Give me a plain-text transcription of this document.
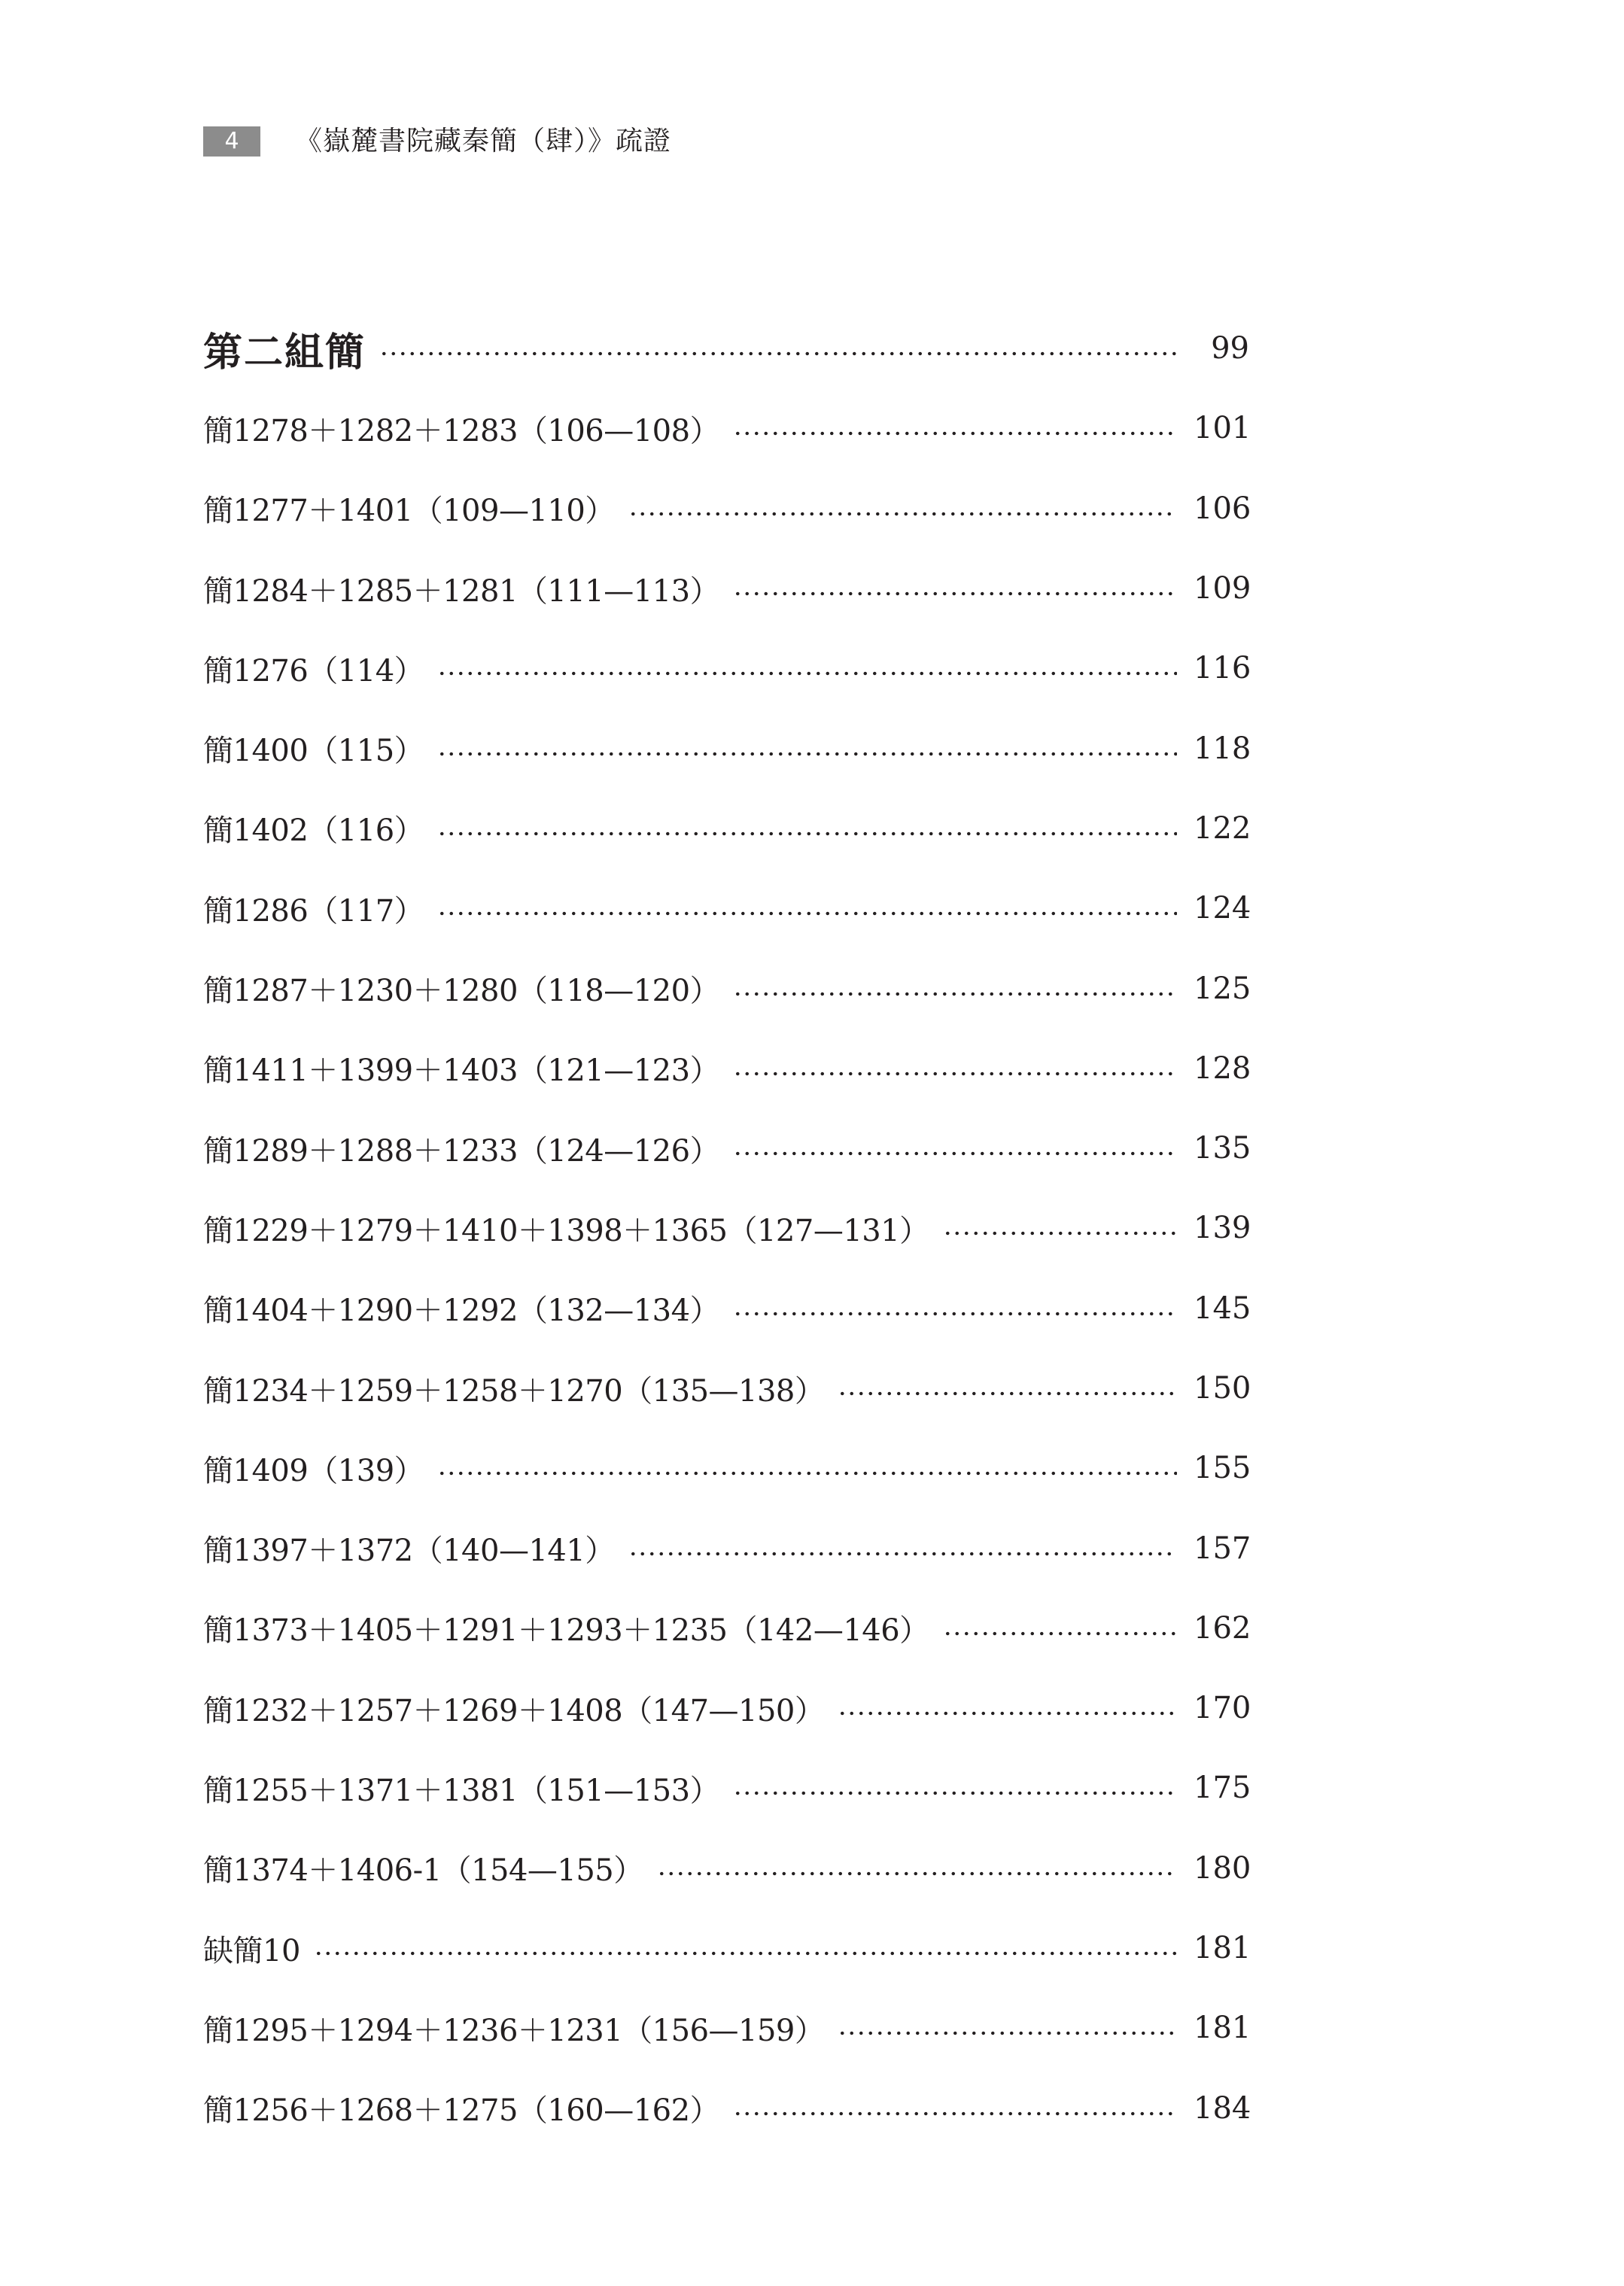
4	《嶽麓書院藏秦簡（肆）》疏證
第二組簡	99
簡1278＋1282＋1283（106—108）	101
簡1277＋1401（109—110）	106
簡1284＋1285＋1281（111—113）	109
簡1276（114）	116
簡1400（115）	118
簡1402（116）	122
簡1286（117）	124
簡1287＋1230＋1280（118—120）	125
簡1411＋1399＋1403（121—123）	128
簡1289＋1288＋1233（124—126）	135
簡1229＋1279＋1410＋1398＋1365（127—131）	139
簡1404＋1290＋1292（132—134）	145
簡1234＋1259＋1258＋1270（135—138）	150
簡1409（139）	155
簡1397＋1372（140—141）	157
簡1373＋1405＋1291＋1293＋1235（142—146）	162
簡1232＋1257＋1269＋1408（147—150）	170
簡1255＋1371＋1381（151—153）	175
簡1374＋1406-1（154—155）	180
缺簡10	181
簡1295＋1294＋1236＋1231（156—159）	181
簡1256＋1268＋1275（160—162）	184
